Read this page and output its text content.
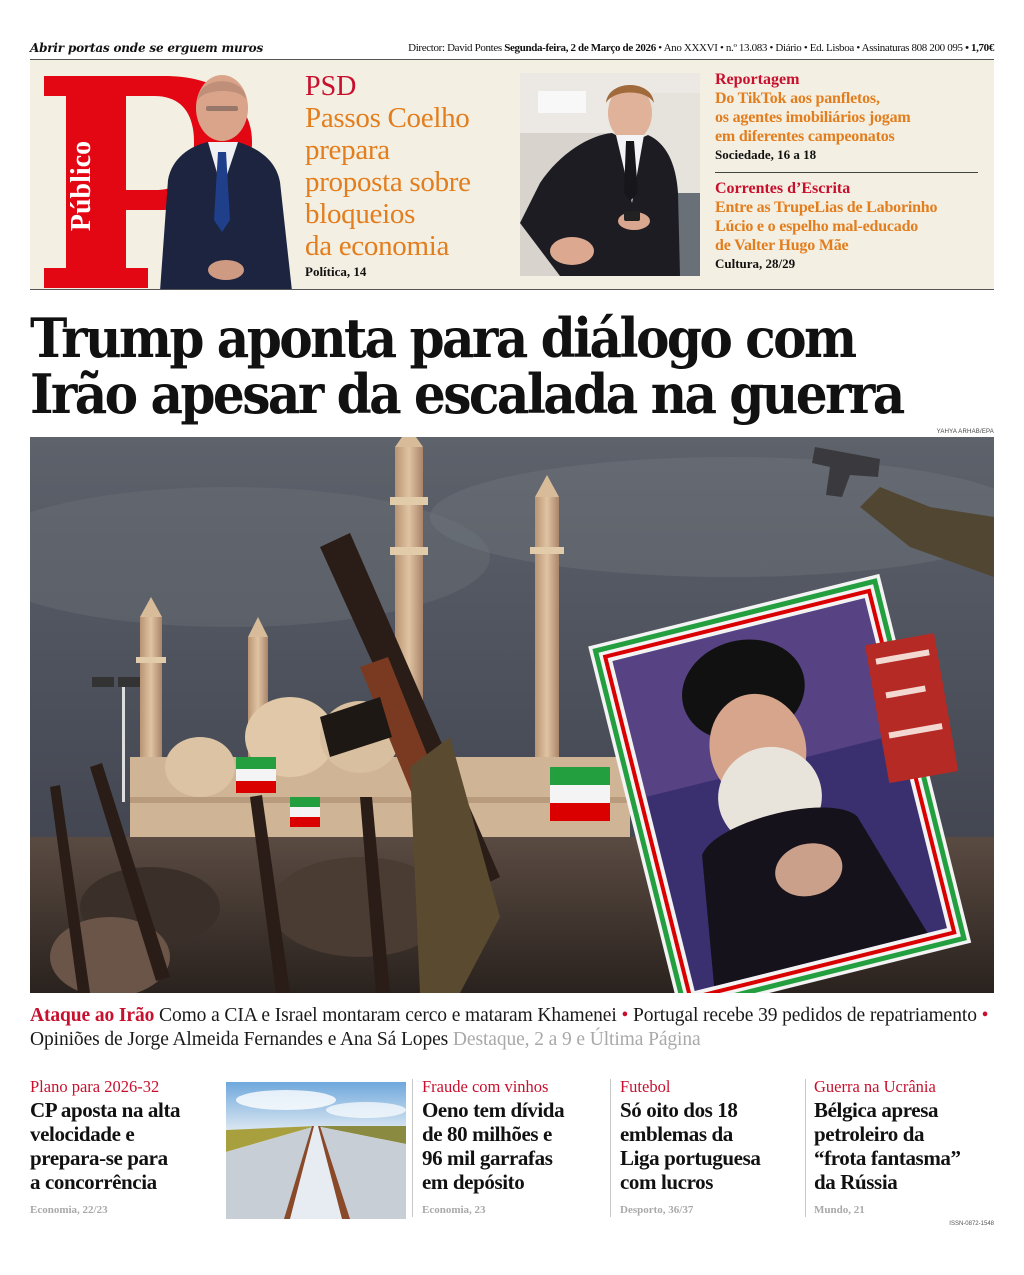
Abrir portas onde se erguem muros	Director: David Pontes Segunda-feira, 2 de Março de 2026 • Ano XXXVI • n.º 13.083 • Diário • Ed. Lisboa • Assinaturas 808 200 095 • 1,70€
Público
PSD
Passos Coelho
prepara
proposta sobre
bloqueios
da economia
Política, 14
Reportagem
Do TikTok aos panfletos,
os agentes imobiliários jogam
em diferentes campeonatos
Sociedade, 16 a 18
Correntes d’Escrita
Entre as TrupeLias de Laborinho
Lúcio e o espelho mal-educado
de Valter Hugo Mãe
Cultura, 28/29
Trump aponta para diálogo com
Irão apesar da escalada na guerra
YAHYA ARHAB/EPA
Ataque ao Irão Como a CIA e Israel montaram cerco e mataram Khamenei • Portugal recebe 39 pedidos de repatriamento • Opiniões de Jorge Almeida Fernandes e Ana Sá Lopes Destaque, 2 a 9 e Última Página
Plano para 2026-32
CP aposta na alta
velocidade e
prepara-se para
a concorrência
Economia, 22/23
Fraude com vinhos
Oeno tem dívida
de 80 milhões e
96 mil garrafas
em depósito
Economia, 23
Futebol
Só oito dos 18
emblemas da
Liga portuguesa
com lucros
Desporto, 36/37
Guerra na Ucrânia
Bélgica apresa
petroleiro da
“frota fantasma”
da Rússia
Mundo, 21
ISSN-0872-1548
